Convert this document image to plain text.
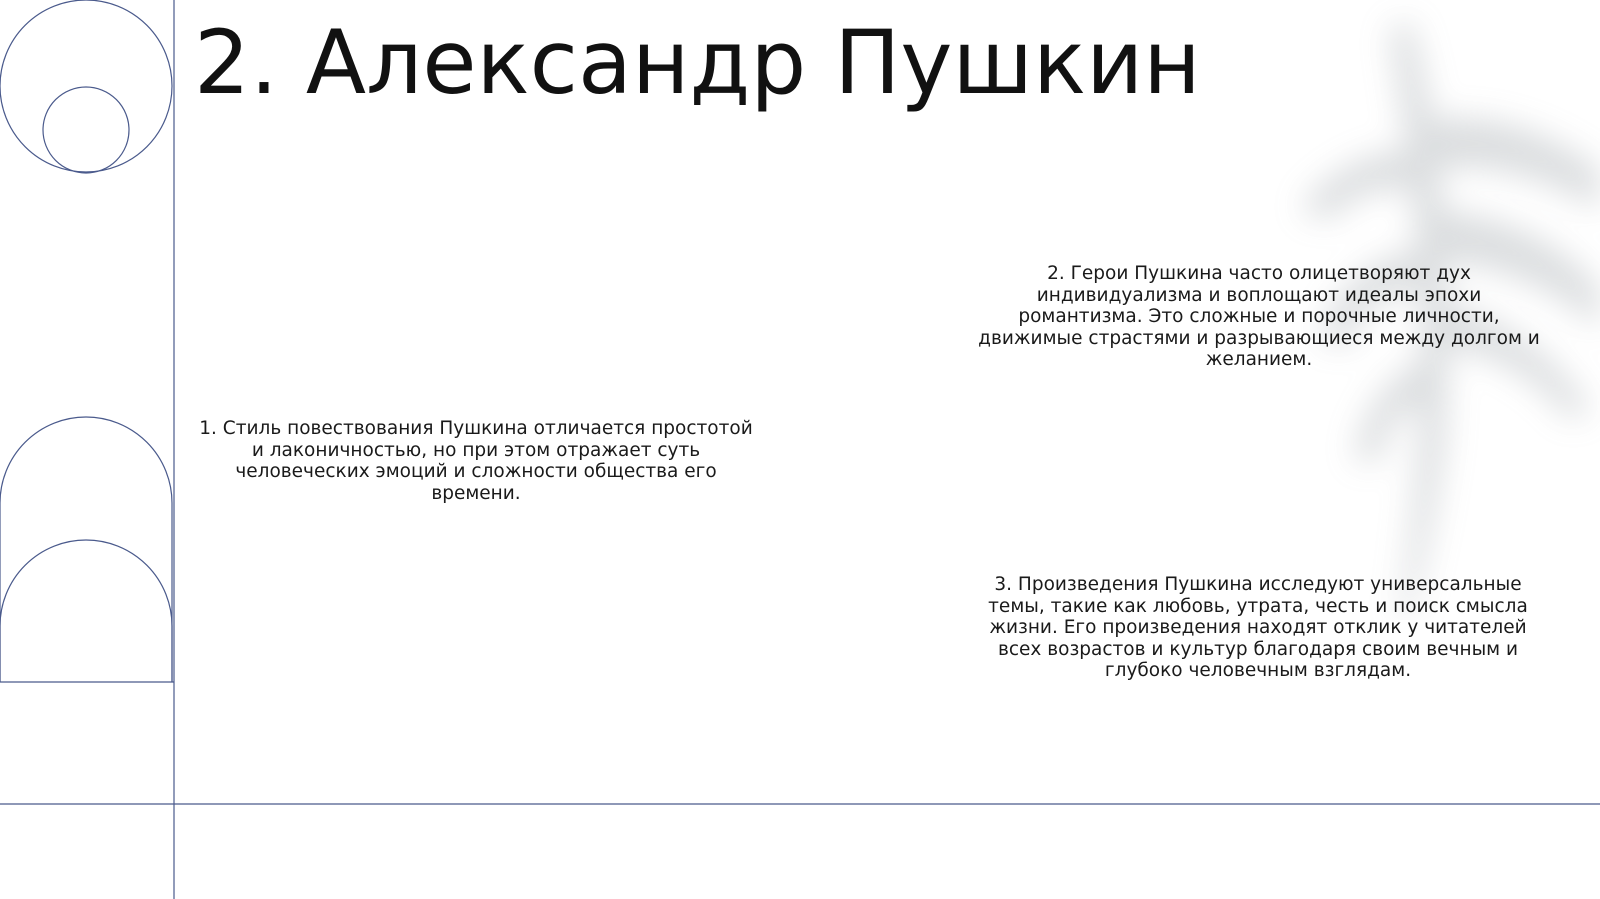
2. Александр Пушкин

1. Стиль повествования Пушкина отличается простотой и лаконичностью, но при этом отражает суть человеческих эмоций и сложности общества его времени.

2. Герои Пушкина часто олицетворяют дух индивидуализма и воплощают идеалы эпохи романтизма. Это сложные и порочные личности, движимые страстями и разрывающиеся между долгом и желанием.

3. Произведения Пушкина исследуют универсальные темы, такие как любовь, утрата, честь и поиск смысла жизни. Его произведения находят отклик у читателей всех возрастов и культур благодаря своим вечным и глубоко человечным взглядам.
